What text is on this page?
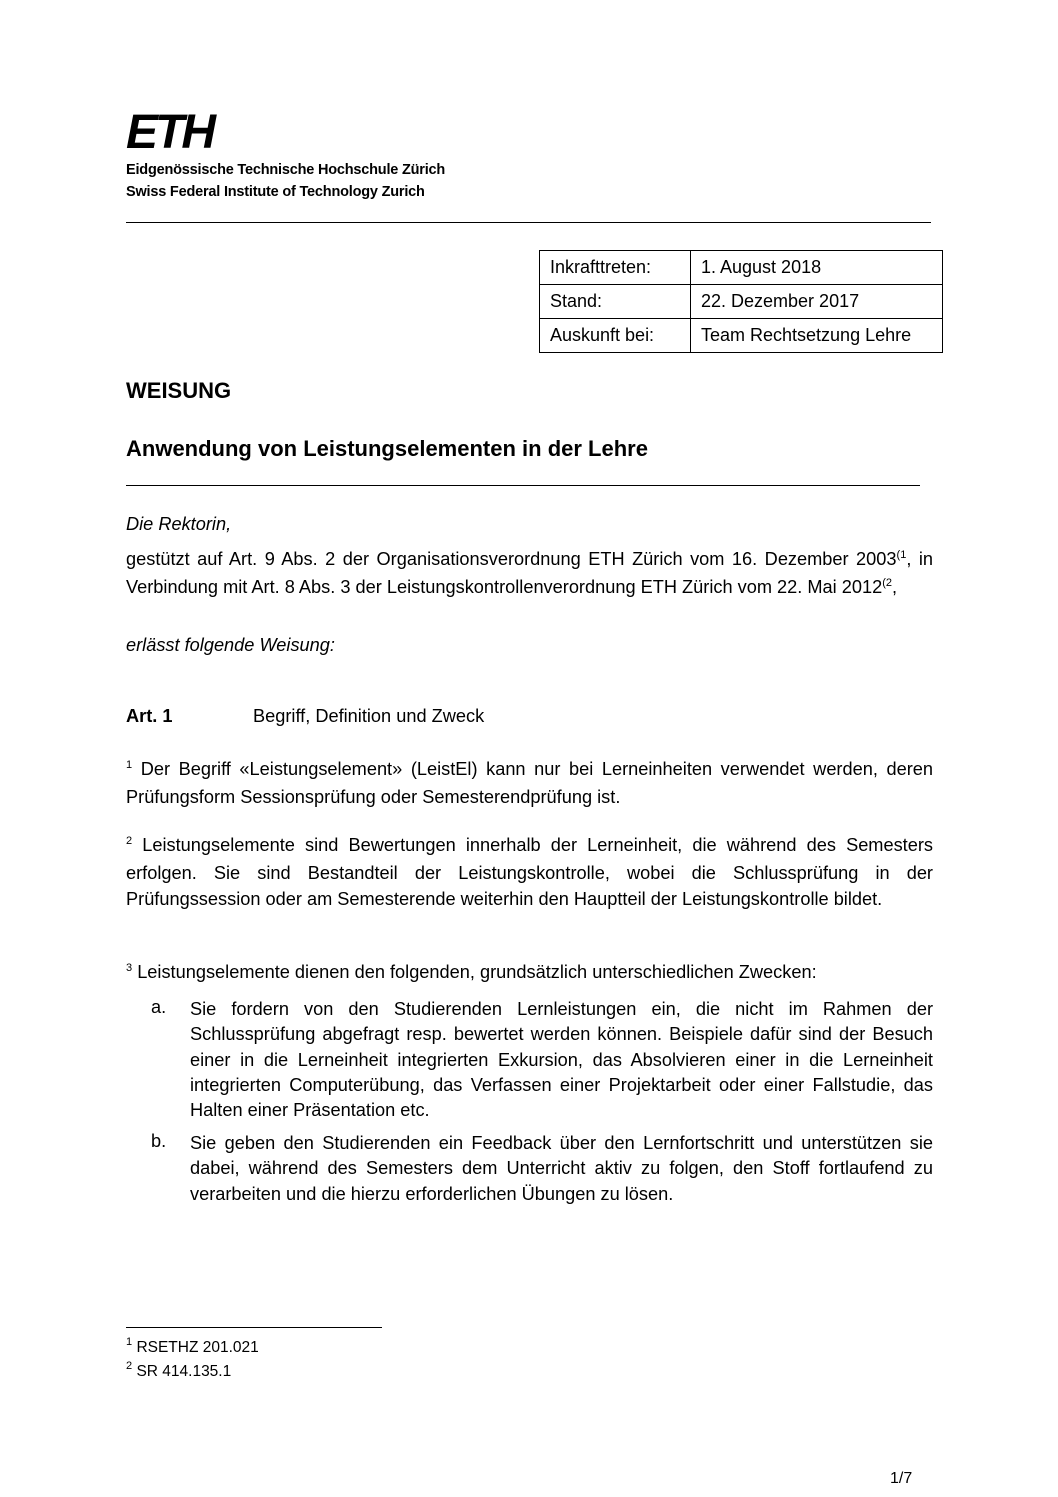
ETH
Eidgenössische Technische Hochschule Zürich
Swiss Federal Institute of Technology Zurich
Inkrafttreten:	1. August 2018
Stand:	22. Dezember 2017
Auskunft bei:	Team Rechtsetzung Lehre
WEISUNG
Anwendung von Leistungselementen in der Lehre
Die Rektorin,
gestützt auf Art. 9 Abs. 2 der Organisationsverordnung ETH Zürich vom 16. Dezember 2003$^{(1}$, in Verbindung mit Art. 8 Abs. 3 der Leistungskontrollenverordnung ETH Zürich vom 22. Mai 2012$^{(2}$,
erlässt folgende Weisung:
Art. 1	Begriff, Definition und Zweck
$^1$ Der Begriff «Leistungselement» (LeistEl) kann nur bei Lerneinheiten verwendet werden, deren Prüfungsform Sessionsprüfung oder Semesterendprüfung ist.
$^2$ Leistungselemente sind Bewertungen innerhalb der Lerneinheit, die während des Semesters erfolgen. Sie sind Bestandteil der Leistungskontrolle, wobei die Schlussprüfung in der Prüfungssession oder am Semesterende weiterhin den Hauptteil der Leistungskontrolle bildet.
$^3$ Leistungselemente dienen den folgenden, grundsätzlich unterschiedlichen Zwecken:
a. Sie fordern von den Studierenden Lernleistungen ein, die nicht im Rahmen der Schlussprüfung abgefragt resp. bewertet werden können. Beispiele dafür sind der Besuch einer in die Lerneinheit integrierten Exkursion, das Absolvieren einer in die Lerneinheit integrierten Computerübung, das Verfassen einer Projektarbeit oder einer Fallstudie, das Halten einer Präsentation etc.
b. Sie geben den Studierenden ein Feedback über den Lernfortschritt und unterstützen sie dabei, während des Semesters dem Unterricht aktiv zu folgen, den Stoff fortlaufend zu verarbeiten und die hierzu erforderlichen Übungen zu lösen.
$^1$ RSETHZ 201.021
$^2$ SR 414.135.1
1/7
